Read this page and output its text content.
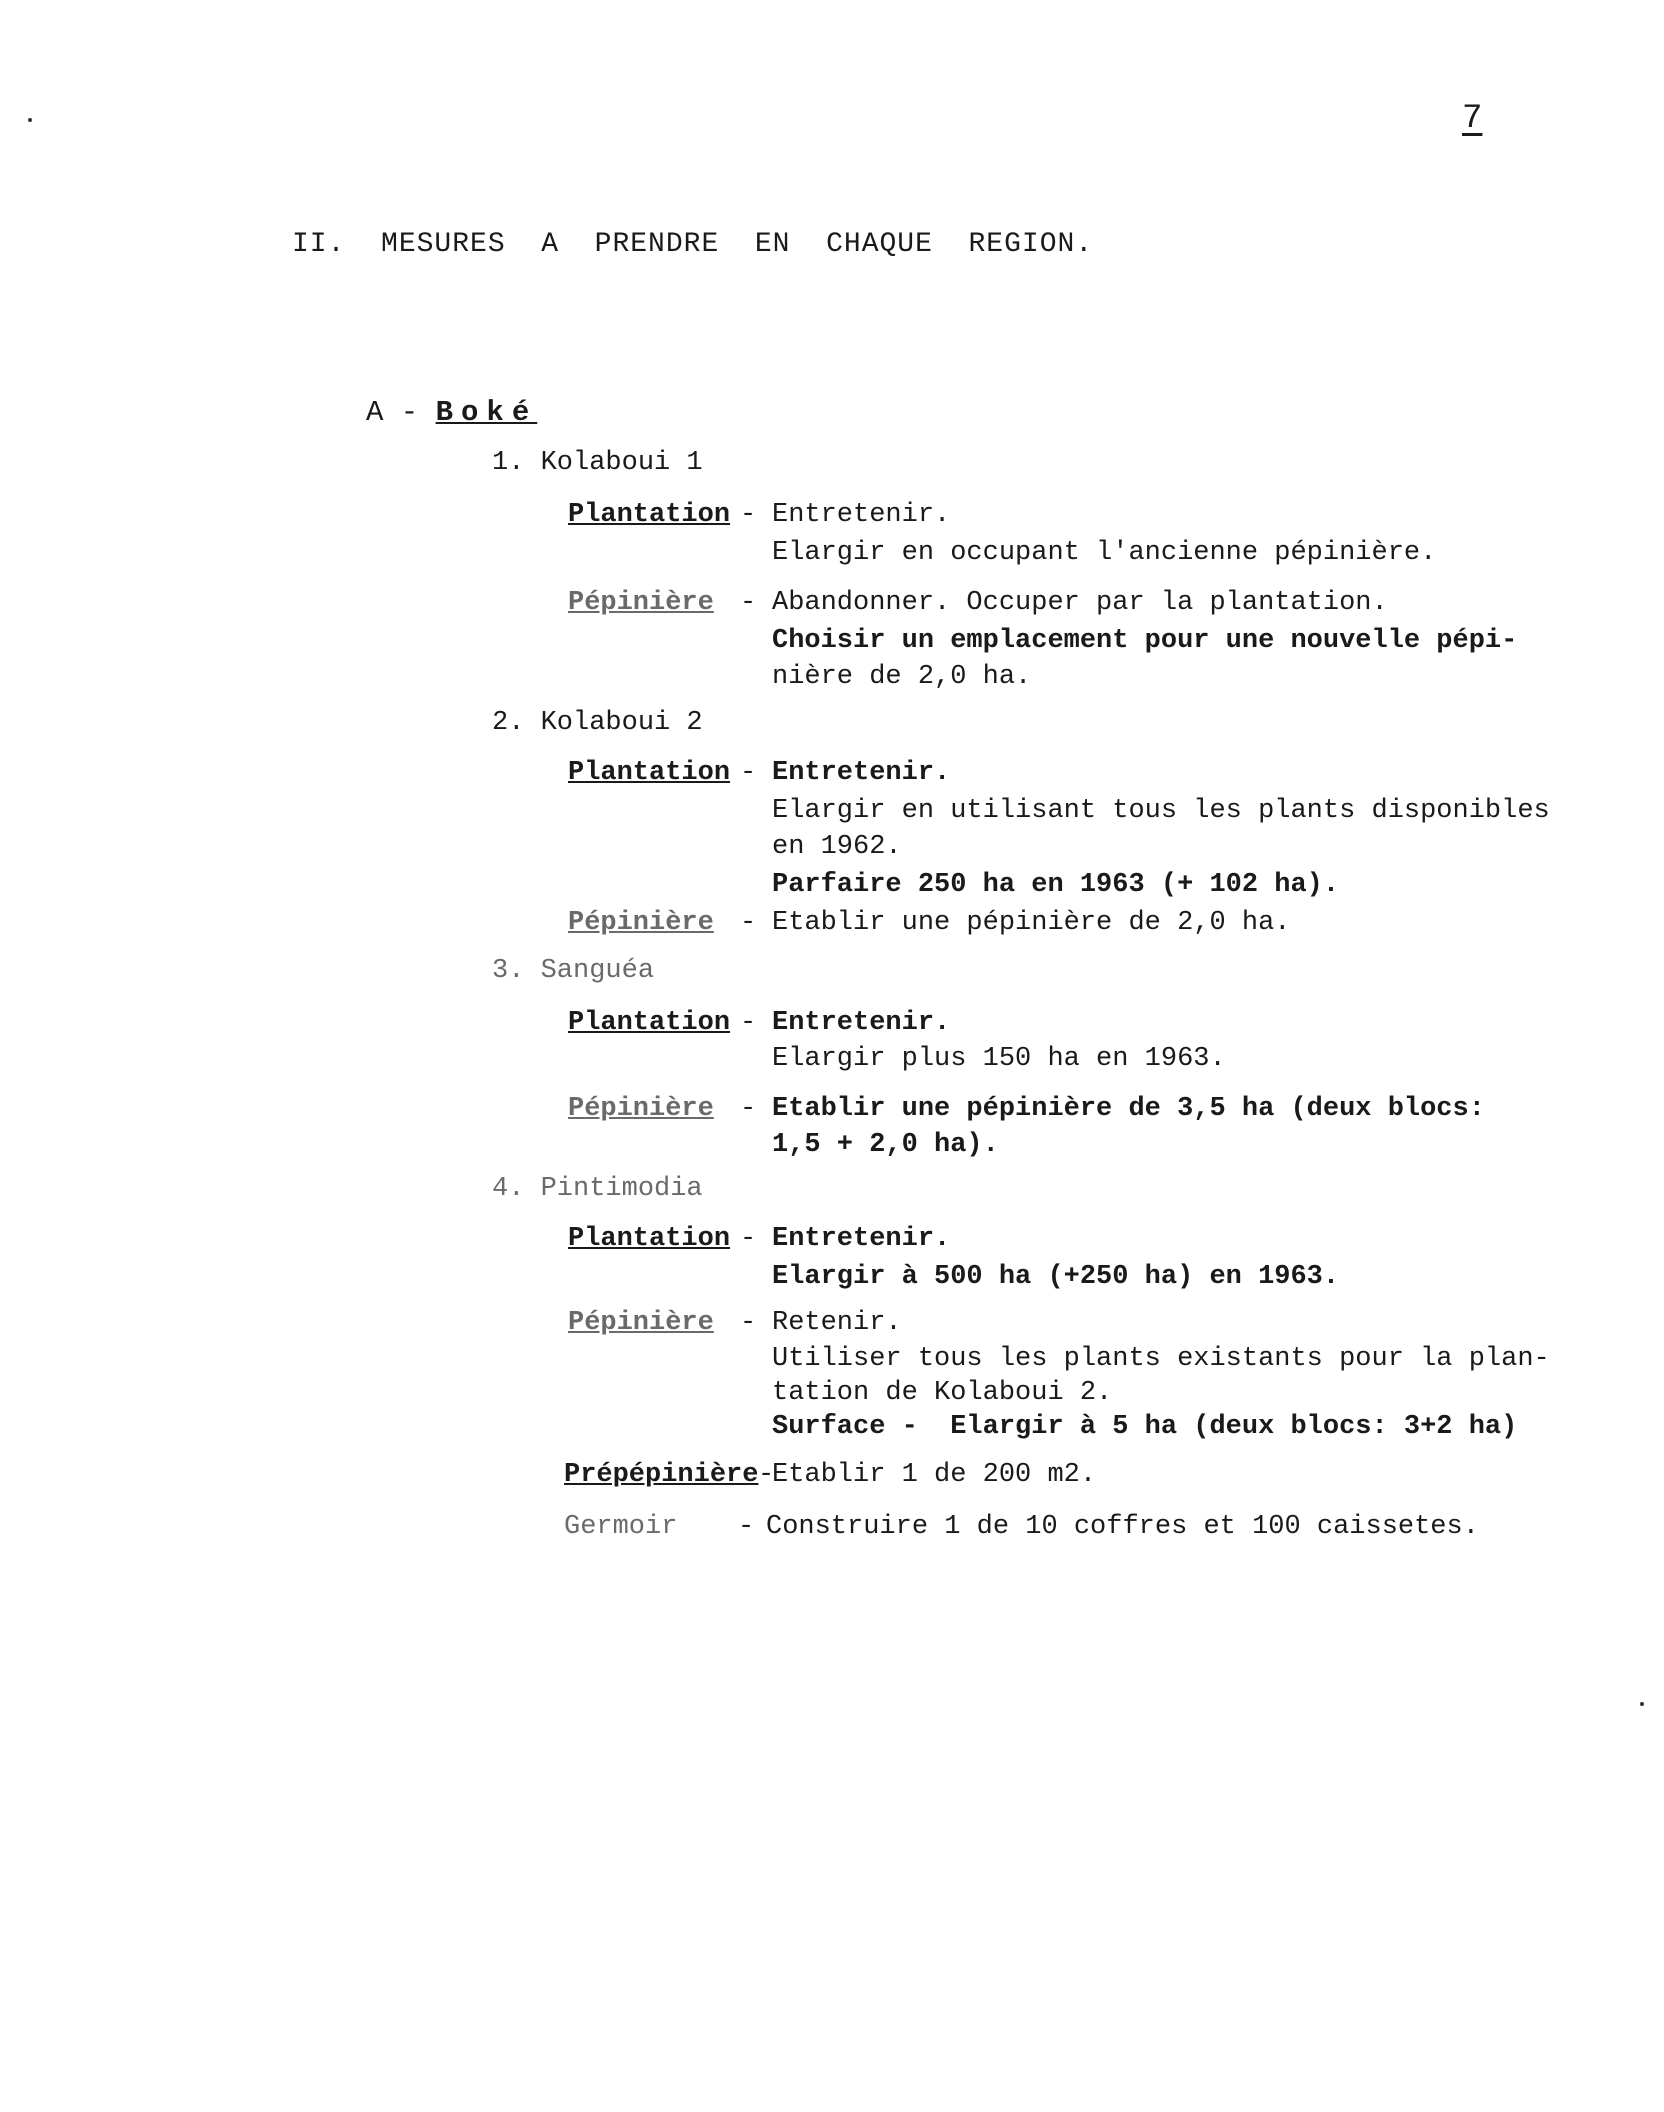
7
II.  MESURES  A  PRENDRE  EN  CHAQUE  REGION.
A - Boké
1. Kolaboui 1
Plantation - Entretenir.
Elargir en occupant l'ancienne pépinière.
Pépinière - Abandonner. Occuper par la plantation.
Choisir un emplacement pour une nouvelle pépi-
nière de 2,0 ha.
2. Kolaboui 2
Plantation - Entretenir.
Elargir en utilisant tous les plants disponibles
en 1962.
Parfaire 250 ha en 1963 (+ 102 ha).
Pépinière - Etablir une pépinière de 2,0 ha.
3. Sanguéa
Plantation - Entretenir.
Elargir plus 150 ha en 1963.
Pépinière - Etablir une pépinière de 3,5 ha (deux blocs:
1,5 + 2,0 ha).
4. Pintimodia
Plantation - Entretenir.
Elargir à 500 ha (+250 ha) en 1963.
Pépinière - Retenir.
Utiliser tous les plants existants pour la plan-
tation de Kolaboui 2.
Surface -  Elargir à 5 ha (deux blocs: 3+2 ha)
Prépépinière -
Etablir 1 de 200 m2.
Germoir - Construire 1 de 10 coffres et 100 caissetes.
